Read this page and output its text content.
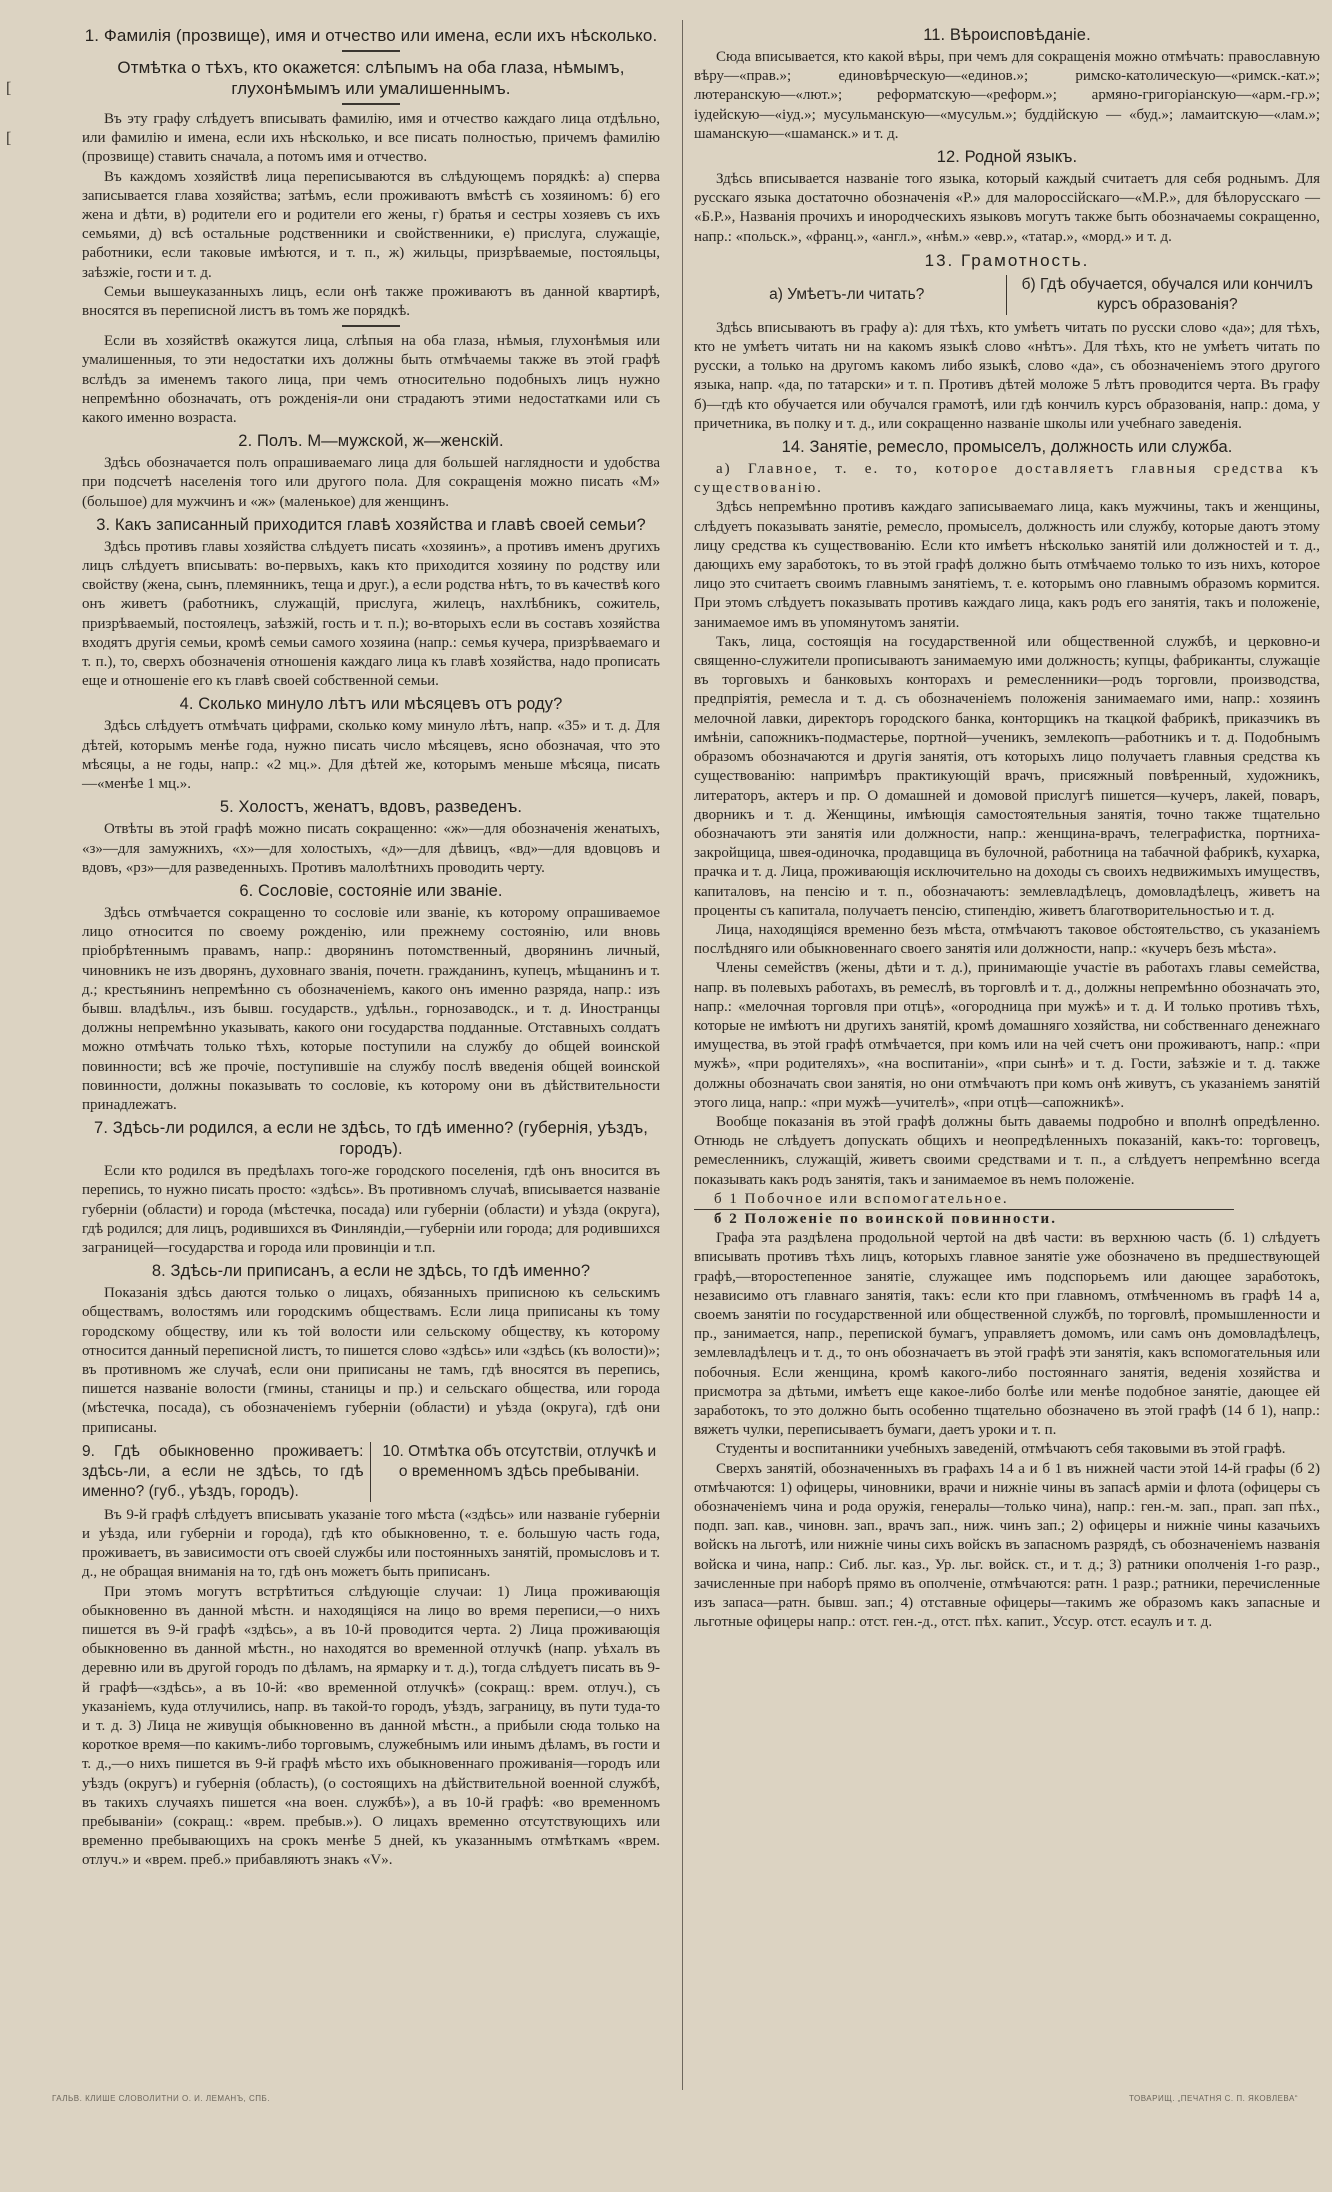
[
[
1. Фамилія (прозвище), имя и отчество или имена, если ихъ нѣсколько.
Отмѣтка о тѣхъ, кто окажется: слѣпымъ на оба глаза, нѣмымъ, глухонѣмымъ или умалишеннымъ.

Въ эту графу слѣдуетъ вписывать фамилію, имя и отчество каждаго лица отдѣльно, или фамилію и имена, если ихъ нѣсколько, и все писать полностью, причемъ фамилію (прозвище) ставить сначала, а потомъ имя и отчество.

Въ каждомъ хозяйствѣ лица переписываются въ слѣдующемъ порядкѣ: а) сперва записывается глава хозяйства; затѣмъ, если проживаютъ вмѣстѣ съ хозяиномъ: б) его жена и дѣти, в) родители его и родители его жены, г) братья и сестры хозяевъ съ ихъ семьями, д) всѣ остальные родственники и свойственники, е) прислуга, служащіе, работники, если таковые имѣются, и т. п., ж) жильцы, призрѣваемые, постояльцы, заѣзжіе, гости и т. д.

Семьи вышеуказанныхъ лицъ, если онѣ также проживаютъ въ данной квартирѣ, вносятся въ переписной листъ въ томъ же порядкѣ.

Если въ хозяйствѣ окажутся лица, слѣпыя на оба глаза, нѣмыя, глухонѣмыя или умалишенныя, то эти недостатки ихъ должны быть отмѣчаемы также въ этой графѣ вслѣдъ за именемъ такого лица, при чемъ относительно подобныхъ лицъ нужно непремѣнно обозначать, отъ рожденія-ли они страдаютъ этими недостатками или съ какого именно возраста.

2. Полъ. М—мужской, ж—женскій.

Здѣсь обозначается полъ опрашиваемаго лица для большей наглядности и удобства при подсчетѣ населенія того или другого пола. Для сокращенія можно писать «М» (большое) для мужчинъ и «ж» (маленькое) для женщинъ.

3. Какъ записанный приходится главѣ хозяйства и главѣ своей семьи?

Здѣсь противъ главы хозяйства слѣдуетъ писать «хозяинъ», а противъ именъ другихъ лицъ слѣдуетъ вписывать: во-первыхъ, какъ кто приходится хозяину по родству или свойству (жена, сынъ, племянникъ, теща и друг.), а если родства нѣтъ, то въ качествѣ кого онъ живетъ (работникъ, служащій, прислуга, жилецъ, нахлѣбникъ, сожитель, призрѣваемый, постоялецъ, заѣзжій, гость и т. п.); во-вторыхъ если въ составъ хозяйства входятъ другія семьи, кромѣ семьи самого хозяина (напр.: семья кучера, призрѣваемаго и т. п.), то, сверхъ обозначенія отношенія каждаго лица къ главѣ хозяйства, надо прописать еще и отношеніе его къ главѣ своей собственной семьи.

4. Сколько минуло лѣтъ или мѣсяцевъ отъ роду?

Здѣсь слѣдуетъ отмѣчать цифрами, сколько кому минуло лѣтъ, напр. «35» и т. д. Для дѣтей, которымъ менѣе года, нужно писать число мѣсяцевъ, ясно обозначая, что это мѣсяцы, а не годы, напр.: «2 мц.». Для дѣтей же, которымъ меньше мѣсяца, писать—«менѣе 1 мц.».

5. Холостъ, женатъ, вдовъ, разведенъ.

Отвѣты въ этой графѣ можно писать сокращенно: «ж»—для обозначенія женатыхъ, «з»—для замужнихъ, «х»—для холостыхъ, «д»—для дѣвицъ, «вд»—для вдовцовъ и вдовъ, «рз»—для разведенныхъ. Противъ малолѣтнихъ проводить черту.

6. Сословіе, состояніе или званіе.

Здѣсь отмѣчается сокращенно то сословіе или званіе, къ которому опрашиваемое лицо относится по своему рожденію, или прежнему состоянію, или вновь пріобрѣтеннымъ правамъ, напр.: дворянинъ потомственный, дворянинъ личный, чиновникъ не изъ дворянъ, духовнаго званія, почетн. гражданинъ, купецъ, мѣщанинъ и т. д.; крестьянинъ непремѣнно съ обозначеніемъ, какого онъ именно разряда, напр.: изъ бывш. владѣльч., изъ бывш. государств., удѣльн., горнозаводск., и т. д. Иностранцы должны непремѣнно указывать, какого они государства подданные. Отставныхъ солдатъ можно отмѣчать только тѣхъ, которые поступили на службу до общей воинской повинности; всѣ же прочіе, поступившіе на службу послѣ введенія общей воинской повинности, должны показывать то сословіе, къ которому они въ дѣйствительности принадлежатъ.

7. Здѣсь-ли родился, а если не здѣсь, то гдѣ именно? (губернія, уѣздъ, городъ).

Если кто родился въ предѣлахъ того-же городского поселенія, гдѣ онъ вносится въ перепись, то нужно писать просто: «здѣсь». Въ противномъ случаѣ, вписывается названіе губерніи (области) и города (мѣстечка, посада) или губерніи (области) и уѣзда (округа), гдѣ родился; для лицъ, родившихся въ Финляндіи,—губерніи или города; для родившихся заграницей—государства и города или провинціи и т.п.

8. Здѣсь-ли приписанъ, а если не здѣсь, то гдѣ именно?

Показанія здѣсь даются только о лицахъ, обязанныхъ приписною къ сельскимъ обществамъ, волостямъ или городскимъ обществамъ. Если лица приписаны къ тому городскому обществу, или къ той волости или сельскому обществу, къ которому относится данный переписной листъ, то пишется слово «здѣсь» или «здѣсь (къ волости)»; въ противномъ же случаѣ, если они приписаны не тамъ, гдѣ вносятся въ перепись, пишется названіе волости (гмины, станицы и пр.) и сельскаго общества, или города (мѣстечка, посада), съ обозначеніемъ губерніи (области) и уѣзда (округа), гдѣ они приписаны.

9. Гдѣ обыкновенно проживаетъ: здѣсь-ли, а если не здѣсь, то гдѣ именно? (губ., уѣздъ, городъ).
10. Отмѣтка объ отсутствіи, отлучкѣ и о временномъ здѣсь пребываніи.

Въ 9-й графѣ слѣдуетъ вписывать указаніе того мѣста («здѣсь» или названіе губерніи и уѣзда, или губерніи и города), гдѣ кто обыкновенно, т. е. большую часть года, проживаетъ, въ зависимости отъ своей службы или постоянныхъ занятій, промысловъ и т. д., не обращая вниманія на то, гдѣ онъ можетъ быть приписанъ.

При этомъ могутъ встрѣтиться слѣдующіе случаи: 1) Лица проживающія обыкновенно въ данной мѣстн. и находящіяся на лицо во время переписи,—о нихъ пишется въ 9-й графѣ «здѣсь», а въ 10-й проводится черта. 2) Лица проживающія обыкновенно въ данной мѣстн., но находятся во временной отлучкѣ (напр. уѣхалъ въ деревню или въ другой городъ по дѣламъ, на ярмарку и т. д.), тогда слѣдуетъ писать въ 9-й графѣ—«здѣсь», а въ 10-й: «во временной отлучкѣ» (сокращ.: врем. отлуч.), съ указаніемъ, куда отлучились, напр. въ такой-то городъ, уѣздъ, заграницу, въ пути туда-то и т. д. 3) Лица не живущія обыкновенно въ данной мѣстн., а прибыли сюда только на короткое время—по какимъ-либо торговымъ, служебнымъ или инымъ дѣламъ, въ гости и т. д.,—о нихъ пишется въ 9-й графѣ мѣсто ихъ обыкновеннаго проживанія—городъ или уѣздъ (округъ) и губернія (область), (о состоящихъ на дѣйствительной военной службѣ, въ такихъ случаяхъ пишется «на воен. службѣ»), а въ 10-й графѣ: «во временномъ пребываніи» (сокращ.: «врем. пребыв.»). О лицахъ временно отсутствующихъ или временно пребывающихъ на срокъ менѣе 5 дней, къ указаннымъ отмѣткамъ «врем. отлуч.» и «врем. преб.» прибавляютъ знакъ «V».

11. Вѣроисповѣданіе.

Сюда вписывается, кто какой вѣры, при чемъ для сокращенія можно отмѣчать: православную вѣру—«прав.»; единовѣрческую—«единов.»; римско-католическую—«римск.-кат.»; лютеранскую—«лют.»; реформатскую—«реформ.»; армяно-григоріанскую—«арм.-гр.»; іудейскую—«іуд.»; мусульманскую—«мусульм.»; буддійскую — «буд.»; ламаитскую—«лам.»; шаманскую—«шаманск.» и т. д.

12. Родной языкъ.

Здѣсь вписывается названіе того языка, который каждый считаетъ для себя роднымъ. Для русскаго языка достаточно обозначенія «Р.» для малороссійскаго—«М.Р.», для бѣлорусскаго — «Б.Р.», Названія прочихъ и инородческихъ языковъ могутъ также быть обозначаемы сокращенно, напр.: «польск.», «франц.», «англ.», «нѣм.» «евр.», «татар.», «морд.» и т. д.

13. Грамотность.
а) Умѣетъ-ли читать?
б) Гдѣ обучается, обучался или кончилъ курсъ образованія?

Здѣсь вписываютъ въ графу а): для тѣхъ, кто умѣетъ читать по русски слово «да»; для тѣхъ, кто не умѣетъ читать ни на какомъ языкѣ слово «нѣтъ». Для тѣхъ, кто не умѣетъ читать по русски, а только на другомъ какомъ либо языкѣ, слово «да», съ обозначеніемъ этого другого языка, напр. «да, по татарски» и т. п. Противъ дѣтей моложе 5 лѣтъ проводится черта. Въ графу б)—гдѣ кто обучается или обучался грамотѣ, или гдѣ кончилъ курсъ образованія, напр.: дома, у причетника, въ полку и т. д., или сокращенно названіе школы или учебнаго заведенія.

14. Занятіе, ремесло, промыселъ, должность или служба.

а) Главное, т. е. то, которое доставляетъ главныя средства къ существованію.

Здѣсь непремѣнно противъ каждаго записываемаго лица, какъ мужчины, такъ и женщины, слѣдуетъ показывать занятіе, ремесло, промыселъ, должность или службу, которые даютъ этому лицу средства къ существованію. Если кто имѣетъ нѣсколько занятій или должностей и т. д., дающихъ ему заработокъ, то въ этой графѣ должно быть отмѣчаемо только то изъ нихъ, которое лицо это считаетъ своимъ главнымъ занятіемъ, т. е. которымъ оно главнымъ образомъ кормится. При этомъ слѣдуетъ показывать противъ каждаго лица, какъ родъ его занятія, такъ и положеніе, занимаемое имъ въ упомянутомъ занятіи.

Такъ, лица, состоящія на государственной или общественной службѣ, и церковно-и священно-служители прописываютъ занимаемую ими должность; купцы, фабриканты, служащіе въ торговыхъ и банковыхъ конторахъ и ремесленники—родъ торговли, производства, предпріятія, ремесла и т. д. съ обозначеніемъ положенія занимаемаго ими, напр.: хозяинъ мелочной лавки, директоръ городского банка, конторщикъ на ткацкой фабрикѣ, приказчикъ въ имѣніи, сапожникъ-подмастерье, портной—ученикъ, землекопъ—работникъ и т. д. Подобнымъ образомъ обозначаются и другія занятія, отъ которыхъ лицо получаетъ главныя средства къ существованію: напримѣръ практикующій врачъ, присяжный повѣренный, художникъ, литераторъ, актеръ и пр. О домашней и домовой прислугѣ пишется—кучеръ, лакей, поваръ, дворникъ и т. д. Женщины, имѣющія самостоятельныя занятія, точно также тщательно обозначаютъ эти занятія или должности, напр.: женщина-врачъ, телеграфистка, портниха-закройщица, швея-одиночка, продавщица въ булочной, работница на табачной фабрикѣ, кухарка, прачка и т. д. Лица, проживающія исключительно на доходы съ своихъ недвижимыхъ имуществъ, капиталовъ, на пенсію и т. п., обозначаютъ: землевладѣлецъ, домовладѣлецъ, живетъ на проценты съ капитала, получаетъ пенсію, стипендію, живетъ благотворительностью и т. д.

Лица, находящіяся временно безъ мѣста, отмѣчаютъ таковое обстоятельство, съ указаніемъ послѣдняго или обыкновеннаго своего занятія или должности, напр.: «кучеръ безъ мѣста».

Члены семействъ (жены, дѣти и т. д.), принимающіе участіе въ работахъ главы семейства, напр. въ полевыхъ работахъ, въ ремеслѣ, въ торговлѣ и т. д., должны непремѣнно обозначать это, напр.: «мелочная торговля при отцѣ», «огородница при мужѣ» и т. д. И только противъ тѣхъ, которые не имѣютъ ни другихъ занятій, кромѣ домашняго хозяйства, ни собственнаго денежнаго имущества, въ этой графѣ отмѣчается, при комъ или на чей счетъ они проживаютъ, напр.: «при мужѣ», «при родителяхъ», «на воспитаніи», «при сынѣ» и т. д. Гости, заѣзжіе и т. д. также должны обозначать свои занятія, но они отмѣчаютъ при комъ онѣ живутъ, съ указаніемъ занятій этого лица, напр.: «при мужѣ—учителѣ», «при отцѣ—сапожникѣ».

Вообще показанія въ этой графѣ должны быть даваемы подробно и вполнѣ опредѣленно. Отнюдь не слѣдуетъ допускать общихъ и неопредѣленныхъ показаній, какъ-то: торговецъ, ремесленникъ, служащій, живетъ своими средствами и т. п., а слѣдуетъ непремѣнно всегда показывать какъ родъ занятія, такъ и занимаемое въ немъ положеніе.

б 1 Побочное или вспомогательное.
б 2 Положеніе по воинской повинности.

Графа эта раздѣлена продольной чертой на двѣ части: въ верхнюю часть (б. 1) слѣдуетъ вписывать противъ тѣхъ лицъ, которыхъ главное занятіе уже обозначено въ предшествующей графѣ,—второстепенное занятіе, служащее имъ подспорьемъ или дающее заработокъ, независимо отъ главнаго занятія, такъ: если кто при главномъ, отмѣченномъ въ графѣ 14 а, своемъ занятіи по государственной или общественной службѣ, по торговлѣ, промышленности и пр., занимается, напр., перепиской бумагъ, управляетъ домомъ, или самъ онъ домовладѣлецъ, землевладѣлецъ и т. д., то онъ обозначаетъ въ этой графѣ эти занятія, какъ вспомогательныя или побочныя. Если женщина, кромѣ какого-либо постояннаго занятія, веденія хозяйства и присмотра за дѣтьми, имѣетъ еще какое-либо болѣе или менѣе подобное занятіе, дающее ей заработокъ, то это должно быть особенно тщательно обозначено въ этой графѣ (14 б 1), напр.: вяжетъ чулки, переписываетъ бумаги, даетъ уроки и т. п.

Студенты и воспитанники учебныхъ заведеній, отмѣчаютъ себя таковыми въ этой графѣ.

Сверхъ занятій, обозначенныхъ въ графахъ 14 а и б 1 въ нижней части этой 14-й графы (б 2) отмѣчаются: 1) офицеры, чиновники, врачи и нижніе чины въ запасѣ арміи и флота (офицеры съ обозначеніемъ чина и рода оружія, генералы—только чина), напр.: ген.-м. зап., прап. зап пѣх., подп. зап. кав., чиновн. зап., врачъ зап., ниж. чинъ зап.; 2) офицеры и нижніе чины казачьихъ войскъ на льготѣ, или нижніе чины сихъ войскъ въ запасномъ разрядѣ, съ обозначеніемъ названія войска и чина, напр.: Сиб. льг. каз., Ур. льг. войск. ст., и т. д.; 3) ратники ополченія 1-го разр., зачисленные при наборѣ прямо въ ополченіе, отмѣчаются: ратн. 1 разр.; ратники, перечисленные изъ запаса—ратн. бывш. зап.; 4) отставные офицеры—такимъ же образомъ какъ запасные и льготные офицеры напр.: отст. ген.-д., отст. пѣх. капит., Уссур. отст. есаулъ и т. д.

ГАЛЬВ. КЛИШЕ СЛОВОЛИТНИ О. И. ЛЕМАНЪ, СПБ.	ТОВАРИЩ. „ПЕЧАТНЯ С. П. ЯКОВЛЕВА“
